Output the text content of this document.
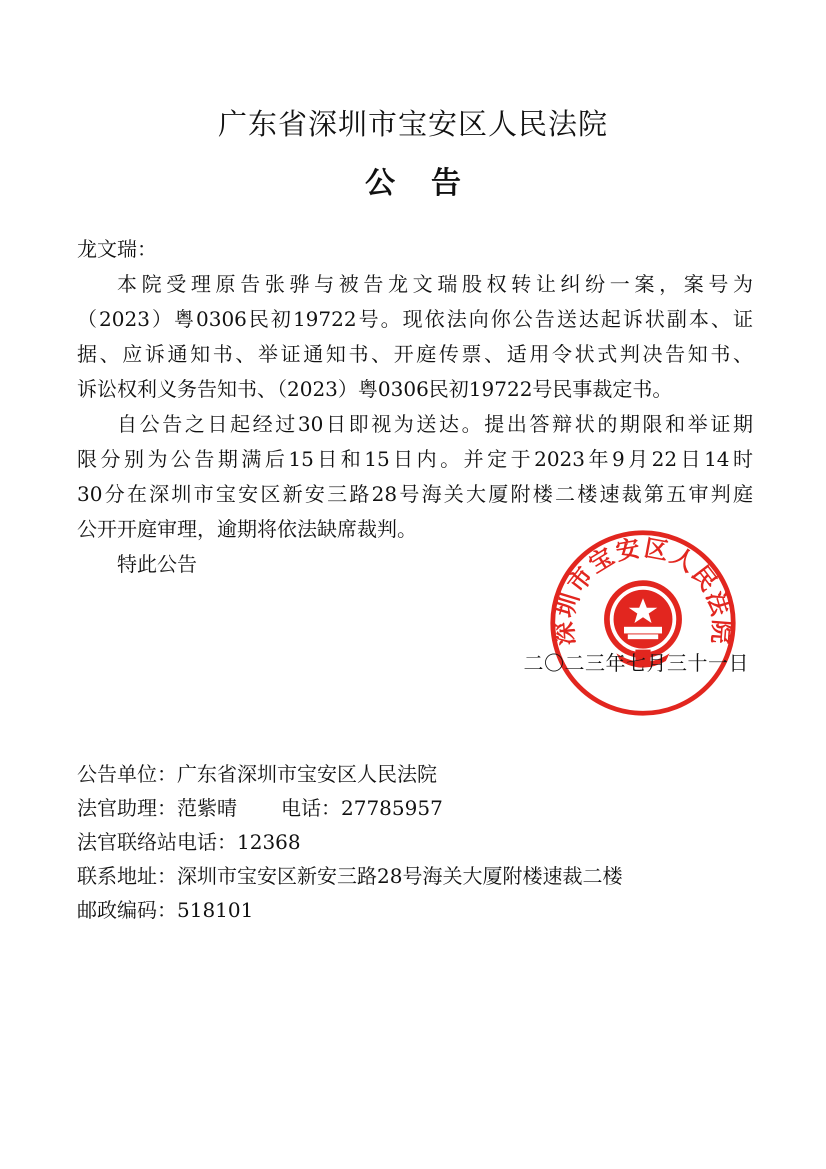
广东省深圳市宝安区人民法院
公告

龙文瑞：

本院受理原告张骅与被告龙文瑞股权转让纠纷一案，案号为

（2023）粤0306民初19722号。现依法向你公告送达起诉状副本、证

据、应诉通知书、举证通知书、开庭传票、适用令状式判决告知书、

诉讼权利义务告知书、（2023）粤0306民初19722号民事裁定书。

自公告之日起经过30日即视为送达。提出答辩状的期限和举证期

限分别为公告期满后15日和15日内。并定于2023年9月22日14时

30分在深圳市宝安区新安三路28号海关大厦附楼二楼速裁第五审判庭

公开开庭审理，逾期将依法缺席裁判。

特此公告

深圳市宝安区人民法院
二〇二三年七月三十一日
公告单位：广东省深圳市宝安区人民法院
法官助理：范紫晴 电话：27785957
法官联络站电话：12368
联系地址：深圳市宝安区新安三路28号海关大厦附楼速裁二楼
邮政编码：518101
